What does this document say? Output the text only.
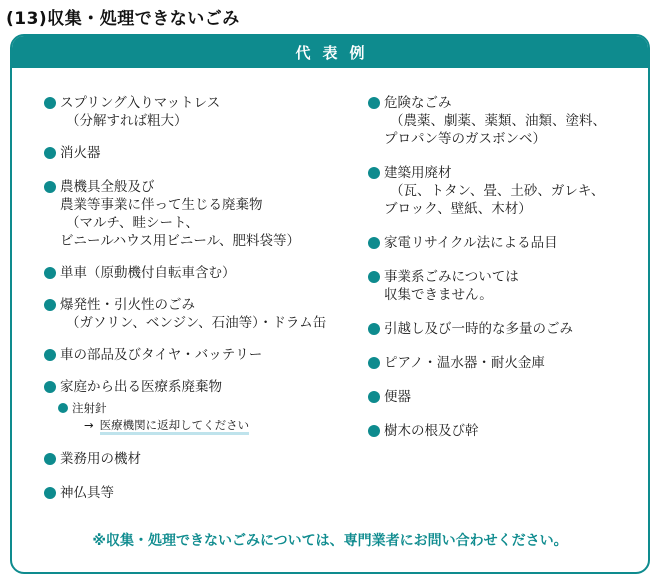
(13)収集・処理できないごみ
代表例
スプリング入りマットレス
（分解すれば粗大）
消火器
農機具全般及び
農業等事業に伴って生じる廃棄物
（マルチ、畦シート、
ビニールハウス用ビニール、肥料袋等）
単車（原動機付自転車含む）
爆発性・引火性のごみ
（ガソリン、ベンジン、石油等）・ドラム缶
車の部品及びタイヤ・バッテリー
家庭から出る医療系廃棄物
注射針
→ 医療機関に返却してください
業務用の機材
神仏具等
危険なごみ
（農薬、劇薬、薬類、油類、塗料、
プロパン等のガスボンベ）
建築用廃材
（瓦、トタン、畳、土砂、ガレキ、
ブロック、壁紙、木材）
家電リサイクル法による品目
事業系ごみについては
収集できません。
引越し及び一時的な多量のごみ
ピアノ・温水器・耐火金庫
便器
樹木の根及び幹
※収集・処理できないごみについては、専門業者にお問い合わせください。
